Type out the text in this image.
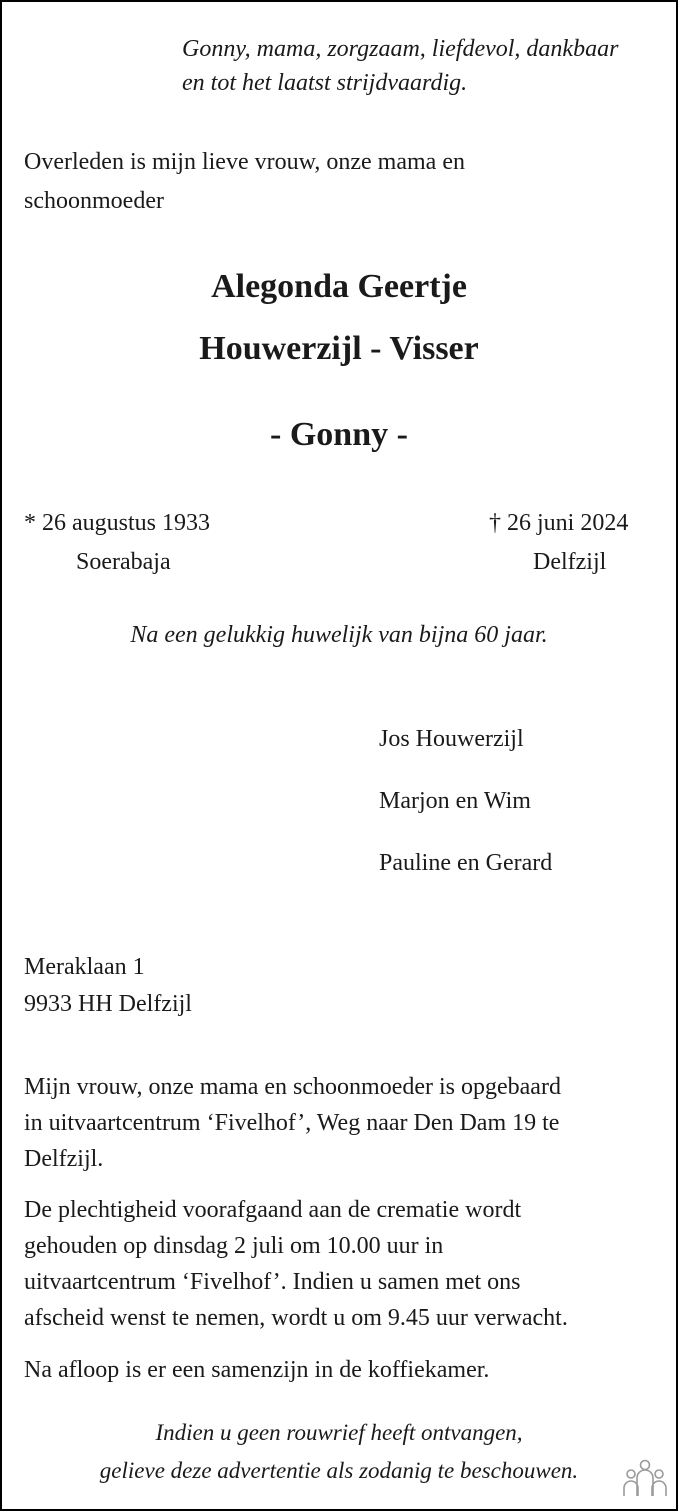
Gonny, mama, zorgzaam, liefdevol, dankbaar
en tot het laatst strijdvaardig.
Overleden is mijn lieve vrouw, onze mama en
schoonmoeder
Alegonda Geertje
Houwerzijl - Visser
- Gonny -
* 26 augustus 1933
Soerabaja
† 26 juni 2024
Delfzijl
Na een gelukkig huwelijk van bijna 60 jaar.
Jos Houwerzijl
Marjon en Wim
Pauline en Gerard
Meraklaan 1
9933 HH Delfzijl
Mijn vrouw, onze mama en schoonmoeder is opgebaard
in uitvaartcentrum ‘Fivelhof’, Weg naar Den Dam 19 te
Delfzijl.
De plechtigheid voorafgaand aan de crematie wordt
gehouden op dinsdag 2 juli om 10.00 uur in
uitvaartcentrum ‘Fivelhof’. Indien u samen met ons
afscheid wenst te nemen, wordt u om 9.45 uur verwacht.
Na afloop is er een samenzijn in de koffiekamer.
Indien u geen rouwrief heeft ontvangen,
gelieve deze advertentie als zodanig te beschouwen.
